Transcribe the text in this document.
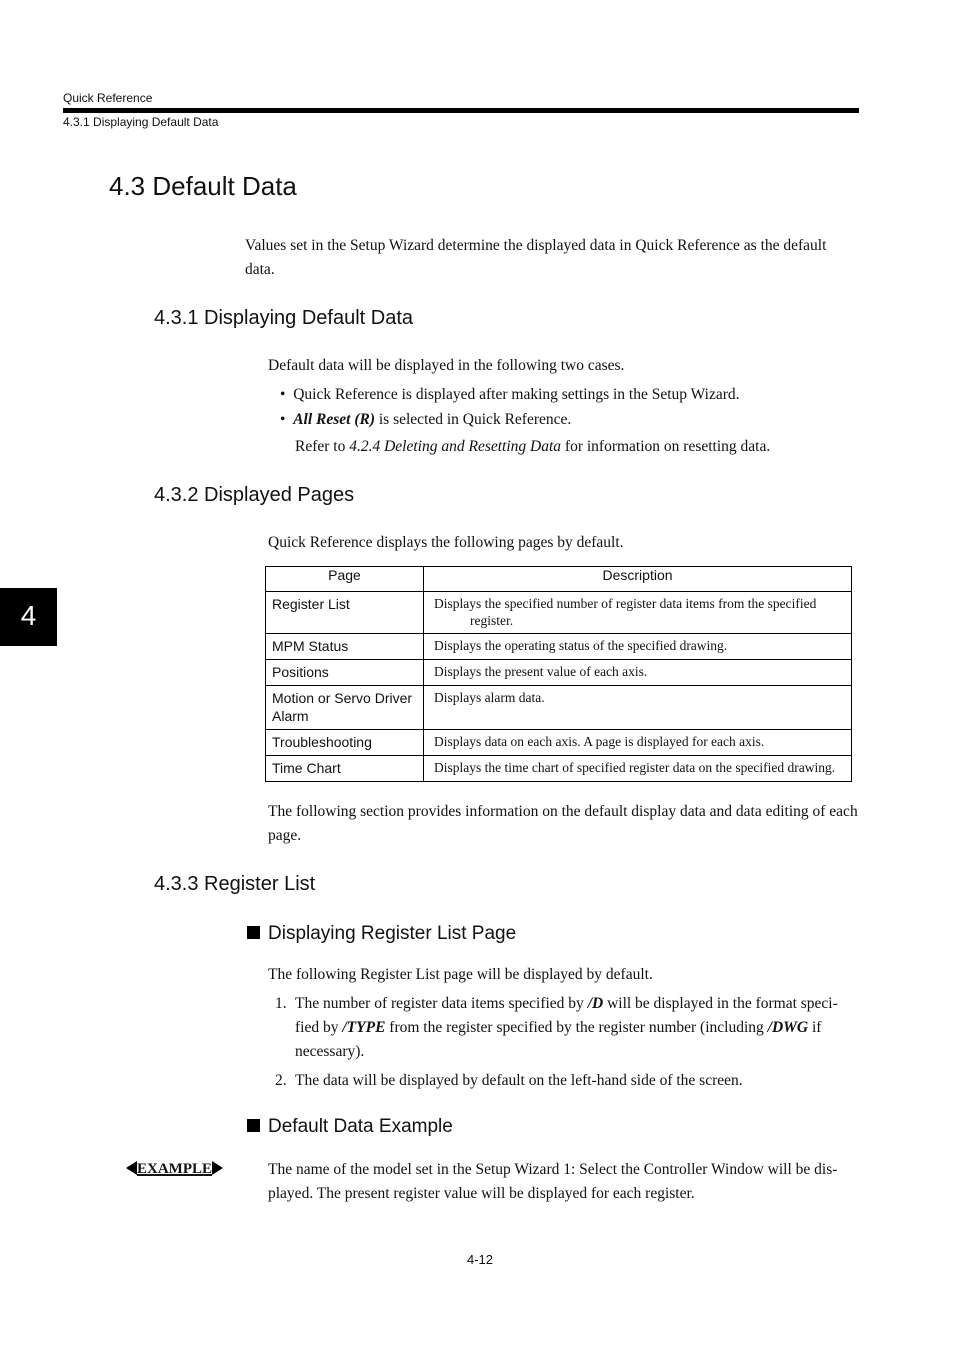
Quick Reference
4.3.1 Displaying Default Data
4
4.3 Default Data
Values set in the Setup Wizard determine the displayed data in Quick Reference as the default data.
4.3.1 Displaying Default Data
Default data will be displayed in the following two cases.
•  Quick Reference is displayed after making settings in the Setup Wizard.
•  All Reset (R) is selected in Quick Reference.
Refer to 4.2.4 Deleting and Resetting Data for information on resetting data.
4.3.2 Displayed Pages
Quick Reference displays the following pages by default.
Page	Description
Register List	Displays the specified number of register data items from the specified register.

MPM Status	Displays the operating status of the specified drawing.

Positions	Displays the present value of each axis.

Motion or Servo Driver Alarm	Displays alarm data.

Troubleshooting	Displays data on each axis. A page is displayed for each axis.

Time Chart	Displays the time chart of specified register data on the specified drawing.
The following section provides information on the default display data and data editing of each page.
4.3.3 Register List
Displaying Register List Page
The following Register List page will be displayed by default.
1. The number of register data items specified by /D will be displayed in the format speci-fied by /TYPE from the register specified by the register number (including /DWG if necessary).
2. The data will be displayed by default on the left-hand side of the screen.
Default Data Example
EXAMPLE	The name of the model set in the Setup Wizard 1: Select the Controller Window will be dis-played. The present register value will be displayed for each register.
4-12
